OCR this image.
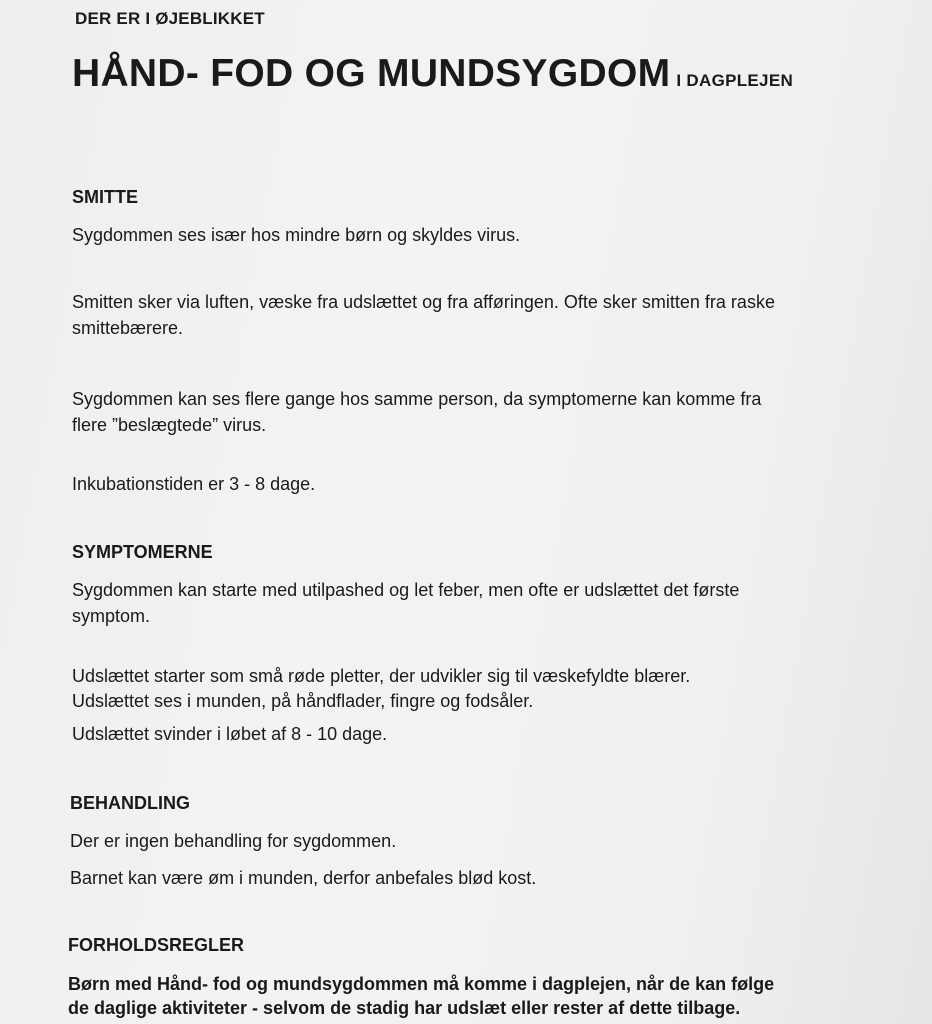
DER ER I ØJEBLIKKET

HÅND- FOD OG MUNDSYGDOM I DAGPLEJEN

SMITTE

Sygdommen ses især hos mindre børn og skyldes virus.

Smitten sker via luften, væske fra udslættet og fra afføringen. Ofte sker smitten fra raske

smittebærere.

Sygdommen kan ses flere gange hos samme person, da symptomerne kan komme fra

flere ”beslægtede” virus.

Inkubationstiden er 3 - 8 dage.

SYMPTOMERNE

Sygdommen kan starte med utilpashed og let feber, men ofte er udslættet det første

symptom.

Udslættet starter som små røde pletter, der udvikler sig til væskefyldte blærer.

Udslættet ses i munden, på håndflader, fingre og fodsåler.

Udslættet svinder i løbet af 8 - 10 dage.

BEHANDLING

Der er ingen behandling for sygdommen.

Barnet kan være øm i munden, derfor anbefales blød kost.

FORHOLDSREGLER

Børn med Hånd- fod og mundsygdommen må komme i dagplejen, når de kan følge

de daglige aktiviteter - selvom de stadig har udslæt eller rester af dette tilbage.
